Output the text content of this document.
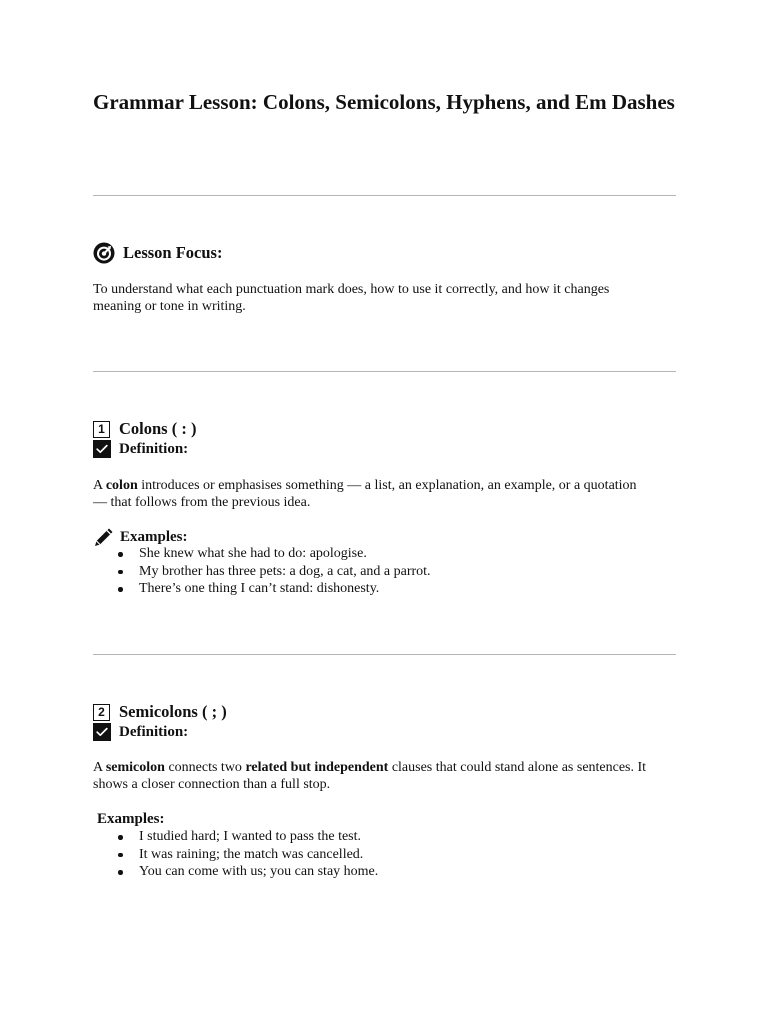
Grammar Lesson: Colons, Semicolons, Hyphens, and Em Dashes
Lesson Focus:

To understand what each punctuation mark does, how to use it correctly, and how it changes meaning or tone in writing.

1 Colons ( : )
Definition:

A colon introduces or emphasises something — a list, an explanation, an example, or a quotation — that follows from the previous idea.

Examples:
She knew what she had to do: apologise.
My brother has three pets: a dog, a cat, and a parrot.
There’s one thing I can’t stand: dishonesty.
2 Semicolons ( ; )
Definition:

A semicolon connects two related but independent clauses that could stand alone as sentences. It shows a closer connection than a full stop.

Examples:
I studied hard; I wanted to pass the test.
It was raining; the match was cancelled.
You can come with us; you can stay home.
